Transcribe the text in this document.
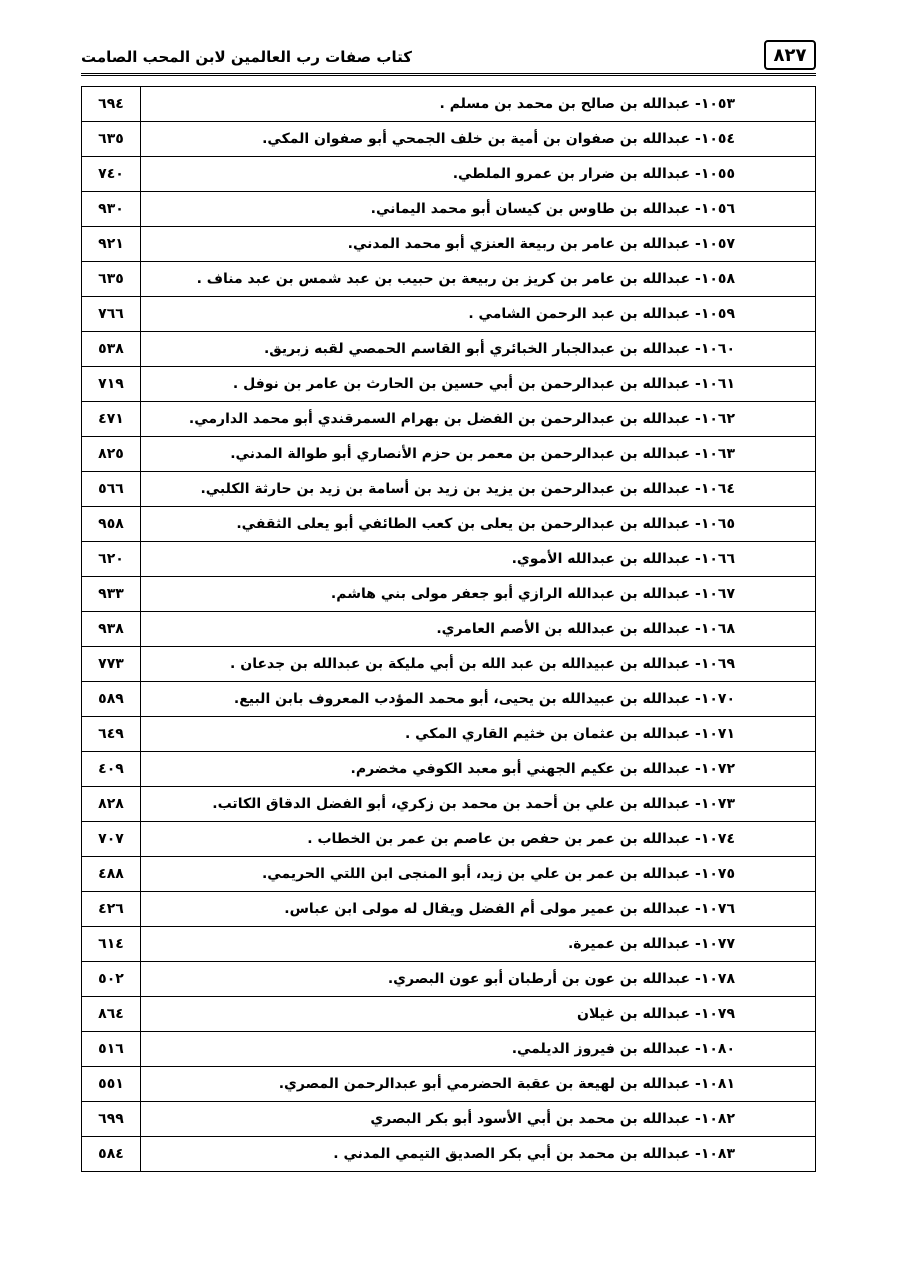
٨٢٧
كتاب صفات رب العالمين لابن المحب الصامت
٦٩٤	١٠٥٣- عبدالله بن صالح بن محمد بن مسلم .
٦٣٥	١٠٥٤- عبدالله بن صفوان بن أمية بن خلف الجمحي أبو صفوان المكي.
٧٤٠	١٠٥٥- عبدالله بن ضرار بن عمرو الملطي.
٩٣٠	١٠٥٦- عبدالله بن طاوس بن كيسان أبو محمد اليماني.
٩٢١	١٠٥٧- عبدالله بن عامر بن ربيعة العنزي أبو محمد المدني.
٦٣٥	١٠٥٨- عبدالله بن عامر بن كريز بن ربيعة بن حبيب بن عبد شمس بن عبد مناف .
٧٦٦	١٠٥٩- عبدالله بن عبد الرحمن الشامي .
٥٣٨	١٠٦٠- عبدالله بن عبدالجبار الخبائري أبو القاسم الحمصي لقبه زبريق.
٧١٩	١٠٦١- عبدالله بن عبدالرحمن بن أبي حسين بن الحارث بن عامر بن نوفل .
٤٧١	١٠٦٢- عبدالله بن عبدالرحمن بن الفضل بن بهرام السمرقندي أبو محمد الدارمي.
٨٢٥	١٠٦٣- عبدالله بن عبدالرحمن بن معمر بن حزم الأنصاري أبو طوالة المدني.
٥٦٦	١٠٦٤- عبدالله بن عبدالرحمن بن يزيد بن زيد بن أسامة بن زيد بن حارثة الكلبي.
٩٥٨	١٠٦٥- عبدالله بن عبدالرحمن بن يعلى بن كعب الطائفي أبو يعلى الثقفي.
٦٢٠	١٠٦٦- عبدالله بن عبدالله الأموي.
٩٣٣	١٠٦٧- عبدالله بن عبدالله الرازي أبو جعفر مولى بني هاشم.
٩٣٨	١٠٦٨- عبدالله بن عبدالله بن الأصم العامري.
٧٧٣	١٠٦٩- عبدالله بن عبيدالله بن عبد الله بن أبي مليكة بن عبدالله بن جدعان .
٥٨٩	١٠٧٠- عبدالله بن عبيدالله بن يحيى، أبو محمد المؤدب المعروف بابن البيع.
٦٤٩	١٠٧١- عبدالله بن عثمان بن خثيم القاري المكي .
٤٠٩	١٠٧٢- عبدالله بن عكيم الجهني أبو معبد الكوفي مخضرم.
٨٢٨	١٠٧٣- عبدالله بن علي بن أحمد بن محمد بن زكري، أبو الفضل الدقاق الكاتب.
٧٠٧	١٠٧٤- عبدالله بن عمر بن حفص بن عاصم بن عمر بن الخطاب .
٤٨٨	١٠٧٥- عبدالله بن عمر بن علي بن زيد، أبو المنجى ابن اللتي الحريمي.
٤٢٦	١٠٧٦- عبدالله بن عمير مولى أم الفضل ويقال له مولى ابن عباس.
٦١٤	١٠٧٧- عبدالله بن عميرة.
٥٠٢	١٠٧٨- عبدالله بن عون بن أرطبان أبو عون البصري.
٨٦٤	١٠٧٩- عبدالله بن غيلان
٥١٦	١٠٨٠- عبدالله بن فيروز الديلمي.
٥٥١	١٠٨١- عبدالله بن لهيعة بن عقبة الحضرمي أبو عبدالرحمن المصري.
٦٩٩	١٠٨٢- عبدالله بن محمد بن أبي الأسود أبو بكر البصري
٥٨٤	١٠٨٣- عبدالله بن محمد بن أبي بكر الصديق التيمي المدني .
